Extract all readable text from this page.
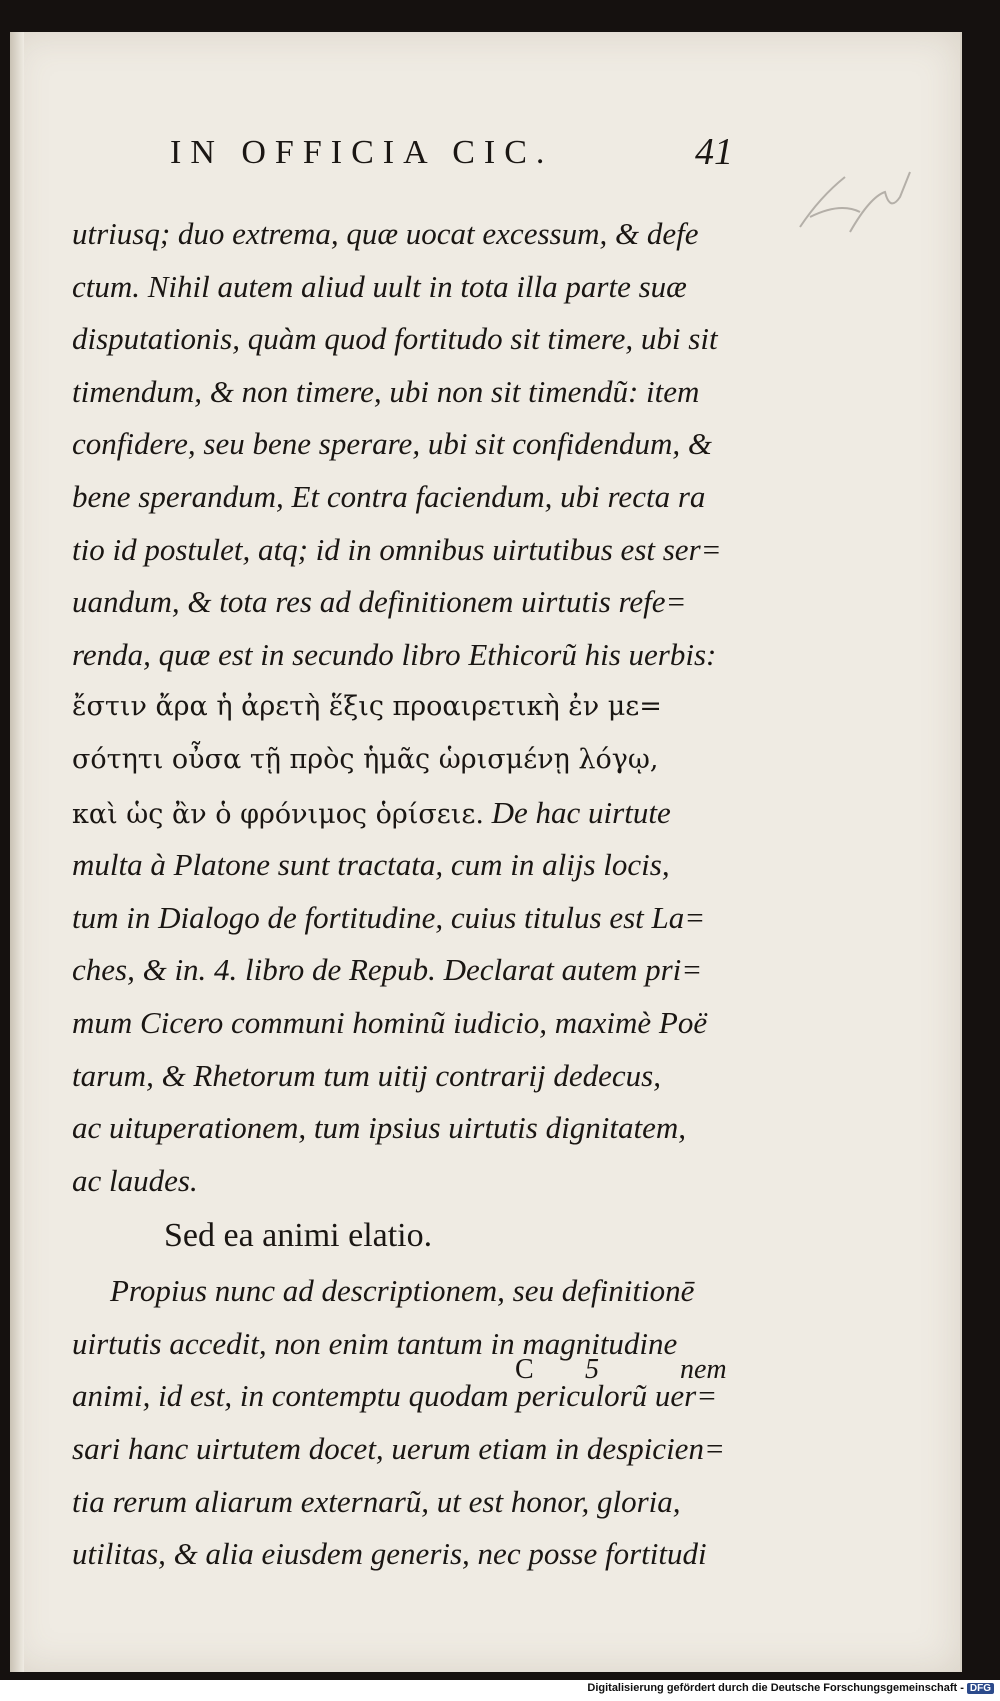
IN OFFICIA CIC.	41
utriusq; duo extrema, quæ uocat excessum, & defe
ctum. Nihil autem aliud uult in tota illa parte suæ
disputationis, quàm quod fortitudo sit timere, ubi sit
timendum, & non timere, ubi non sit timendũ: item
confidere, seu bene sperare, ubi sit confidendum, &
bene sperandum, Et contra faciendum, ubi recta ra
tio id postulet, atq; id in omnibus uirtutibus est ser=
uandum, & tota res ad definitionem uirtutis refe=
renda, quæ est in secundo libro Ethicorũ his uerbis:
ἔστιν ἄρα ἡ ἀρετὴ ἕξις προαιρετικὴ ἐν με=
σότητι οὖσα τῇ πρὸς ἡμᾶς ὡρισμένῃ λόγῳ,
καὶ ὡς ἂν ὁ φρόνιμος ὁρίσειε. De hac uirtute
multa à Platone sunt tractata, cum in alijs locis,
tum in Dialogo de fortitudine, cuius titulus est La=
ches, & in. 4. libro de Repub. Declarat autem pri=
mum Cicero communi hominũ iudicio, maximè Poë
tarum, & Rhetorum tum uitij contrarij dedecus,
ac uituperationem, tum ipsius uirtutis dignitatem,
ac laudes.
Sed ea animi elatio.
Propius nunc ad descriptionem, seu definitionē
uirtutis accedit, non enim tantum in magnitudine
animi, id est, in contemptu quodam periculorũ uer=
sari hanc uirtutem docet, uerum etiam in despicien=
tia rerum aliarum externarũ, ut est honor, gloria,
utilitas, & alia eiusdem generis, nec posse fortitudi
C 5	nem
Digitalisierung gefördert durch die Deutsche Forschungsgemeinschaft - DFG
